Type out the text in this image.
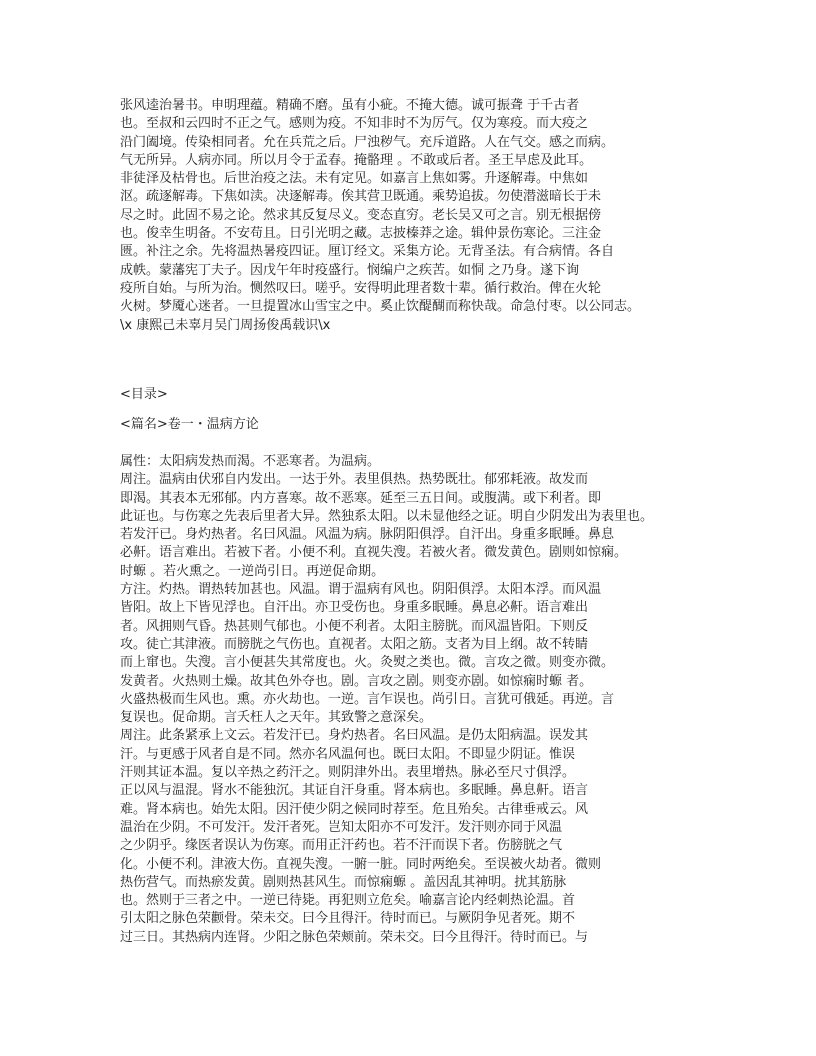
张风逵治暑书。申明理蕴。精确不磨。虽有小疵。不掩大德。诚可振聋 于千古者
也。至叔和云四时不正之气。感则为疫。不知非时不为厉气。仅为寒疫。而大疫之
沿门阖境。传染相同者。允在兵荒之后。尸浊秽气。充斥道路。人在气交。感之而病。
气无所异。人病亦同。所以月令于孟春。掩骼理 。不敢或后者。圣王早虑及此耳。
非徒泽及枯骨也。后世治疫之法。未有定见。如嘉言上焦如雾。升逐解毒。中焦如
沤。疏逐解毒。下焦如渎。决逐解毒。俟其营卫既通。乘势追拔。勿使潜滋暗长于未
尽之时。此固不易之论。然求其反复尽义。变态直穷。老长吴又可之言。别无根据傍
也。俊幸生明备。不安苟且。日引光明之藏。志披榛莽之途。辑仲景伤寒论。三注金
匮。补注之余。先将温热暑疫四证。厘订经文。采集方论。无背圣法。有合病情。各自
成帙。蒙藩宪丁夫子。因戊午年时疫盛行。悯编户之疾苦。如恫 之乃身。遂下询
疫所自始。与所为治。恻然叹曰。嗟乎。安得明此理者数十辈。循行救治。俾在火轮
火树。梦魇心迷者。一旦提置冰山雪宝之中。奚止饮醍醐而称快哉。命急付枣。以公同志。
\x 康熙己未辜月吴门周扬俊禹载识\x
<目录>
<篇名>卷一・温病方论
属性：太阳病发热而渴。不恶寒者。为温病。
周注。温病由伏邪自内发出。一达于外。表里俱热。热势既壮。郁邪耗液。故发而
即渴。其表本无邪郁。内方喜寒。故不恶寒。延至三五日间。或腹满。或下利者。即
此证也。与伤寒之先表后里者大异。然独系太阳。以未显他经之证。明自少阴发出为表里也。
若发汗已。身灼热者。名曰风温。风温为病。脉阴阳俱浮。自汗出。身重多眠睡。鼻息
必鼾。语言难出。若被下者。小便不利。直视失溲。若被火者。微发黄色。剧则如惊痫。
时螈 。若火熏之。一逆尚引日。再逆促命期。
方注。灼热。谓热转加甚也。风温。谓于温病有风也。阴阳俱浮。太阳本浮。而风温
皆阳。故上下皆见浮也。自汗出。亦卫受伤也。身重多眠睡。鼻息必鼾。语言难出
者。风拥则气昏。热甚则气郁也。小便不利者。太阳主膀胱。而风温皆阳。下则反
攻。徒亡其津液。而膀胱之气伤也。直视者。太阳之筋。支者为目上纲。故不转睛
而上窜也。失溲。言小便甚失其常度也。火。灸熨之类也。微。言攻之微。则变亦微。
发黄者。火热则土燥。故其色外夺也。剧。言攻之剧。则变亦剧。如惊痫时螈 者。
火盛热极而生风也。熏。亦火劫也。一逆。言乍误也。尚引日。言犹可俄延。再逆。言
复误也。促命期。言夭枉人之天年。其致警之意深矣。
周注。此条紧承上文云。若发汗已。身灼热者。名曰风温。是仍太阳病温。误发其
汗。与更感于风者自是不同。然亦名风温何也。既曰太阳。不即显少阴证。惟误
汗则其证本温。复以辛热之药汗之。则阴津外出。表里增热。脉必至尺寸俱浮。
正以风与温混。肾水不能独沉。其证自汗身重。肾本病也。多眠睡。鼻息鼾。语言
难。肾本病也。始先太阳。因汗使少阴之候同时荐至。危且殆矣。古律垂戒云。风
温治在少阴。不可发汗。发汗者死。岂知太阳亦不可发汗。发汗则亦同于风温
之少阴乎。缘医者误认为伤寒。而用正汗药也。若不汗而误下者。伤膀胱之气
化。小便不利。津液大伤。直视失溲。一腑一脏。同时两绝矣。至误被火劫者。微则
热伤营气。而热瘀发黄。剧则热甚风生。而惊痫螈 。盖因乱其神明。扰其筋脉
也。然则于三者之中。一逆已待毙。再犯则立危矣。喻嘉言论内经刺热论温。首
引太阳之脉色荣颧骨。荣未交。曰今且得汗。待时而已。与厥阴争见者死。期不
过三日。其热病内连肾。少阳之脉色荣颊前。荣未交。曰今且得汗。待时而已。与
